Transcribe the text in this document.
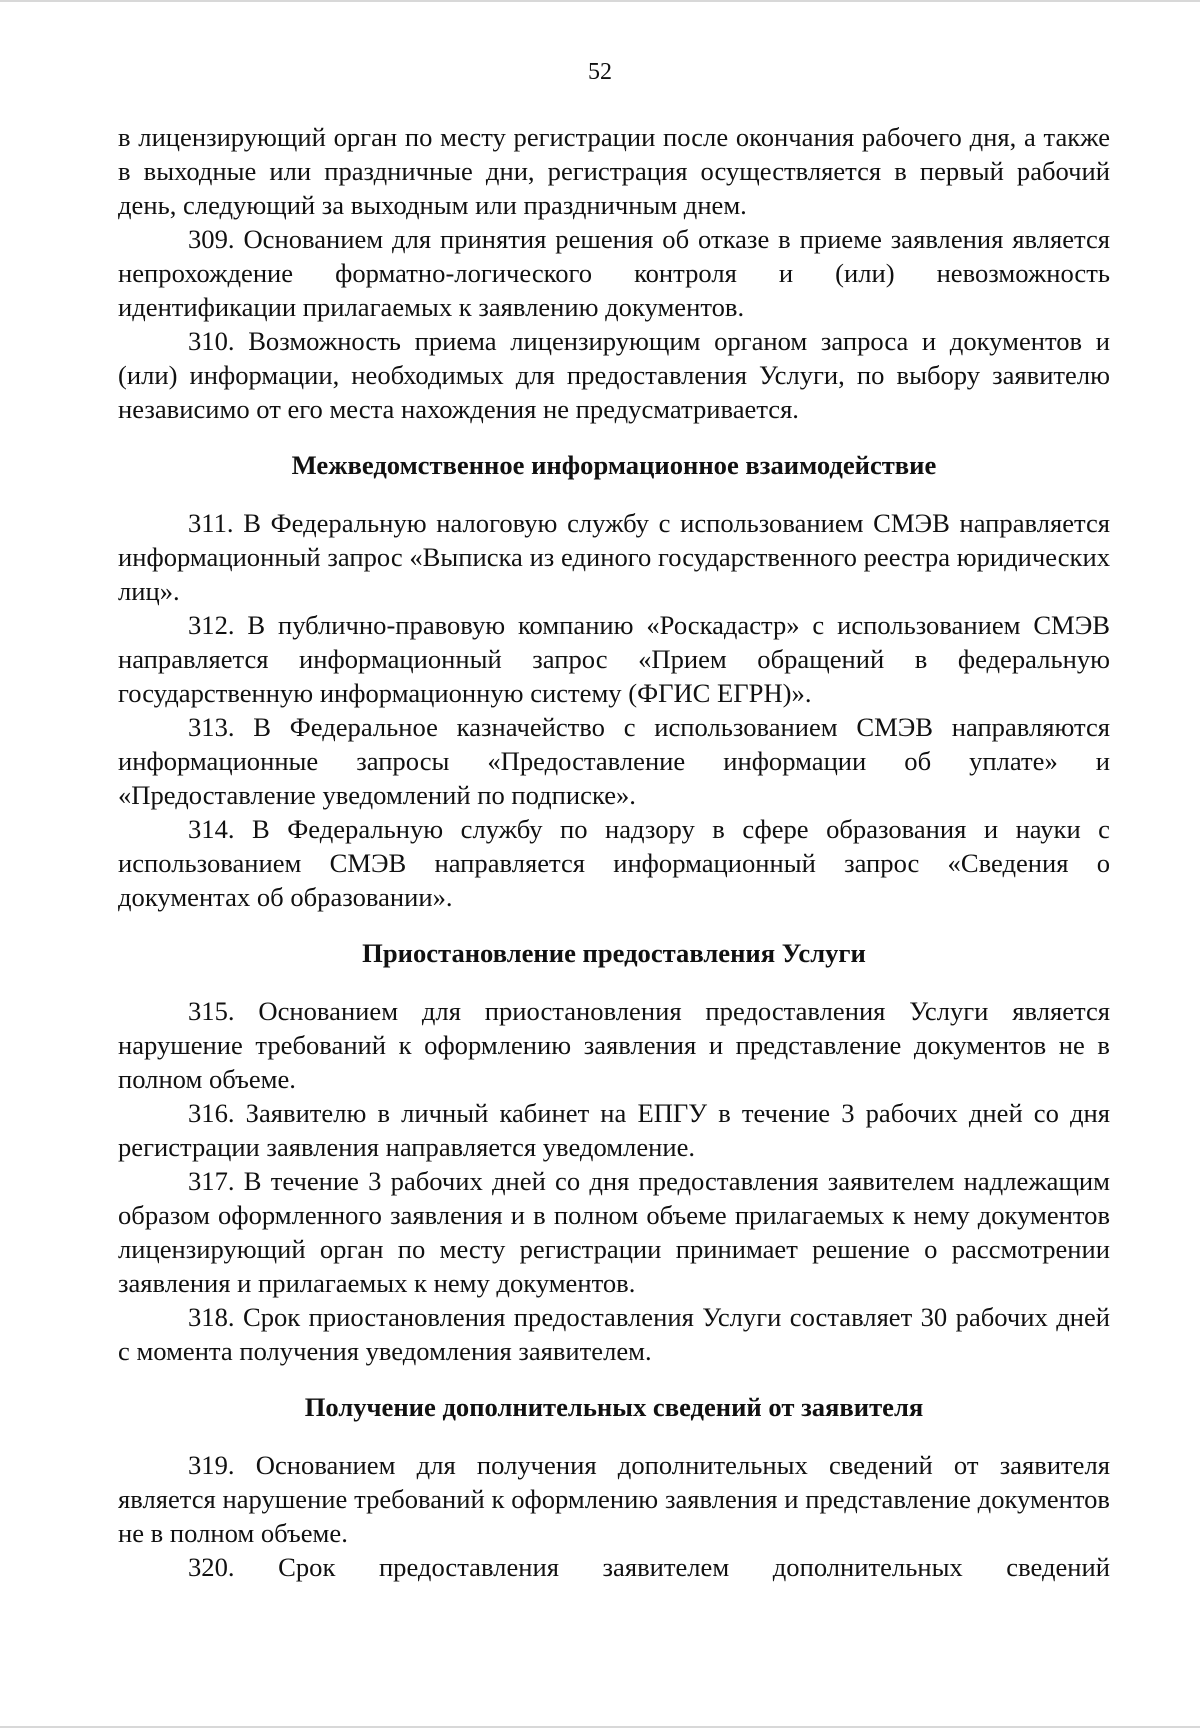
52

в лицензирующий орган по месту регистрации после окончания рабочего дня, а также в выходные или праздничные дни, регистрация осуществляется в первый рабочий день, следующий за выходным или праздничным днем.

309. Основанием для принятия решения об отказе в приеме заявления является непрохождение форматно-логического контроля и (или) невозможность идентификации прилагаемых к заявлению документов.

310. Возможность приема лицензирующим органом запроса и документов и (или) информации, необходимых для предоставления Услуги, по выбору заявителю независимо от его места нахождения не предусматривается.

Межведомственное информационное взаимодействие

311. В Федеральную налоговую службу с использованием СМЭВ направляется информационный запрос «Выписка из единого государственного реестра юридических лиц».

312. В публично-правовую компанию «Роскадастр» с использованием СМЭВ направляется информационный запрос «Прием обращений в федеральную государственную информационную систему (ФГИС ЕГРН)».

313. В Федеральное казначейство с использованием СМЭВ направляются информационные запросы «Предоставление информации об уплате» и «Предоставление уведомлений по подписке».

314. В Федеральную службу по надзору в сфере образования и науки с использованием СМЭВ направляется информационный запрос «Сведения о документах об образовании».

Приостановление предоставления Услуги

315. Основанием для приостановления предоставления Услуги является нарушение требований к оформлению заявления и представление документов не в полном объеме.

316. Заявителю в личный кабинет на ЕПГУ в течение 3 рабочих дней со дня регистрации заявления направляется уведомление.

317. В течение 3 рабочих дней со дня предоставления заявителем надлежащим образом оформленного заявления и в полном объеме прилагаемых к нему документов лицензирующий орган по месту регистрации принимает решение о рассмотрении заявления и прилагаемых к нему документов.

318. Срок приостановления предоставления Услуги составляет 30 рабочих дней с момента получения уведомления заявителем.

Получение дополнительных сведений от заявителя

319. Основанием для получения дополнительных сведений от заявителя является нарушение требований к оформлению заявления и представление документов не в полном объеме.

320. Срок предоставления заявителем дополнительных сведений
